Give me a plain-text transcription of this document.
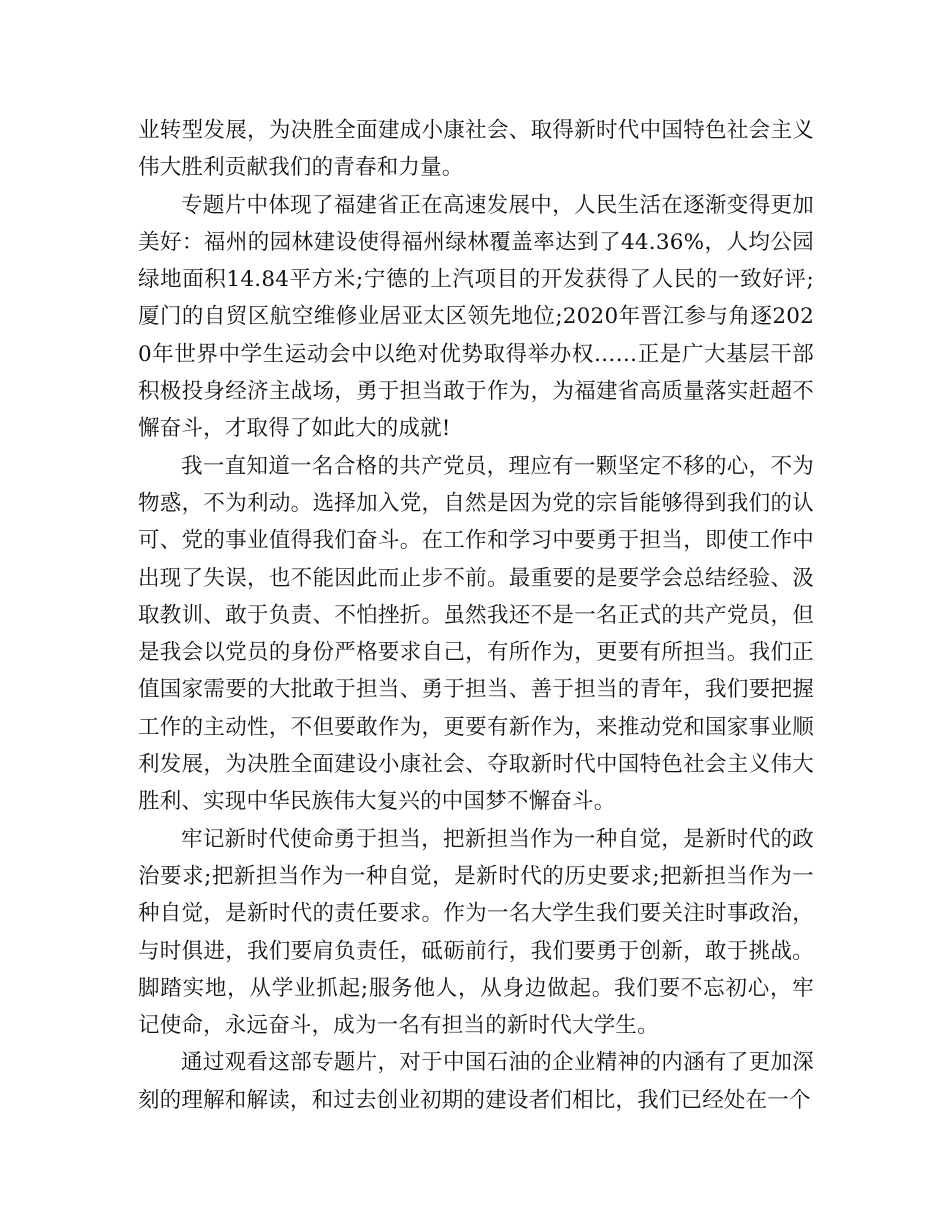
业转型发展，为决胜全面建成小康社会、取得新时代中国特色社会主义伟大胜利贡献我们的青春和力量。

专题片中体现了福建省正在高速发展中，人民生活在逐渐变得更加美好：福州的园林建设使得福州绿林覆盖率达到了44.36%，人均公园绿地面积14.84平方米;宁德的上汽项目的开发获得了人民的一致好评;厦门的自贸区航空维修业居亚太区领先地位;2020年晋江参与角逐2020年世界中学生运动会中以绝对优势取得举办权……正是广大基层干部积极投身经济主战场，勇于担当敢于作为，为福建省高质量落实赶超不懈奋斗，才取得了如此大的成就!

我一直知道一名合格的共产党员，理应有一颗坚定不移的心，不为物惑，不为利动。选择加入党，自然是因为党的宗旨能够得到我们的认可、党的事业值得我们奋斗。在工作和学习中要勇于担当，即使工作中出现了失误，也不能因此而止步不前。最重要的是要学会总结经验、汲取教训、敢于负责、不怕挫折。虽然我还不是一名正式的共产党员，但是我会以党员的身份严格要求自己，有所作为，更要有所担当。我们正值国家需要的大批敢于担当、勇于担当、善于担当的青年，我们要把握工作的主动性，不但要敢作为，更要有新作为，来推动党和国家事业顺利发展，为决胜全面建设小康社会、夺取新时代中国特色社会主义伟大胜利、实现中华民族伟大复兴的中国梦不懈奋斗。

牢记新时代使命勇于担当，把新担当作为一种自觉，是新时代的政治要求;把新担当作为一种自觉，是新时代的历史要求;把新担当作为一种自觉，是新时代的责任要求。作为一名大学生我们要关注时事政治，与时俱进，我们要肩负责任，砥砺前行，我们要勇于创新，敢于挑战。脚踏实地，从学业抓起;服务他人，从身边做起。我们要不忘初心，牢记使命，永远奋斗，成为一名有担当的新时代大学生。

通过观看这部专题片，对于中国石油的企业精神的内涵有了更加深刻的理解和解读，和过去创业初期的建设者们相比，我们已经处在一个
